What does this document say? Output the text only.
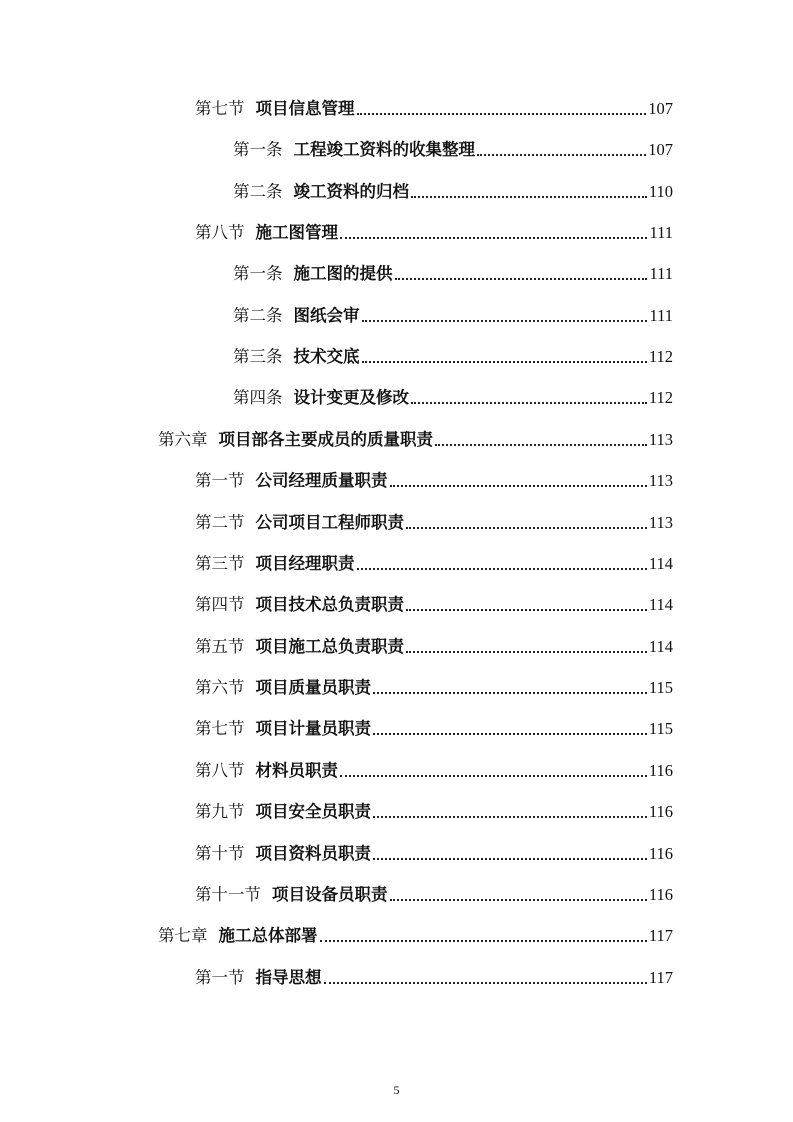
第七节 项目信息管理	107
第一条 工程竣工资料的收集整理	107
第二条 竣工资料的归档	110
第八节 施工图管理	111
第一条 施工图的提供	111
第二条 图纸会审	111
第三条 技术交底	112
第四条 设计变更及修改	112
第六章 项目部各主要成员的质量职责	113
第一节 公司经理质量职责	113
第二节 公司项目工程师职责	113
第三节 项目经理职责	114
第四节 项目技术总负责职责	114
第五节 项目施工总负责职责	114
第六节 项目质量员职责	115
第七节 项目计量员职责	115
第八节 材料员职责	116
第九节 项目安全员职责	116
第十节 项目资料员职责	116
第十一节 项目设备员职责	116
第七章 施工总体部署	117
第一节 指导思想	117
5
